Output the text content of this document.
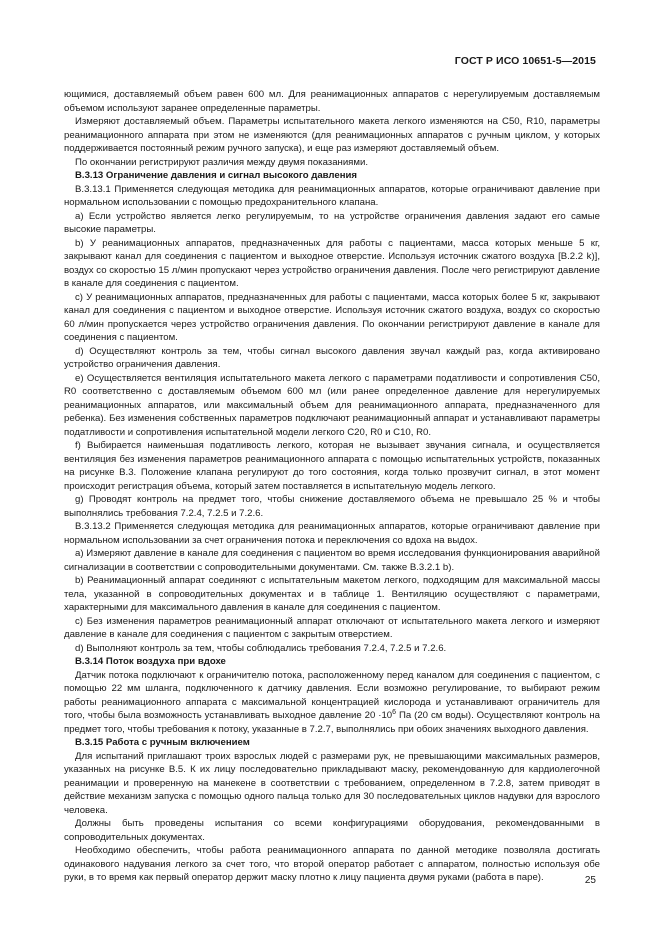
ГОСТ Р ИСО 10651-5—2015

ющимися, доставляемый объем равен 600 мл. Для реанимационных аппаратов с нерегулируемым доставляемым объемом используют заранее определенные параметры.

Измеряют доставляемый объем. Параметры испытательного макета легкого изменяются на С50, R10, параметры реанимационного аппарата при этом не изменяются (для реанимационных аппаратов с ручным циклом, у которых поддерживается постоянный режим ручного запуска), и еще раз измеряют доставляемый объем.

По окончании регистрируют различия между двумя показаниями.

В.3.13 Ограничение давления и сигнал высокого давления

В.3.13.1 Применяется следующая методика для реанимационных аппаратов, которые ограничивают давление при нормальном использовании с помощью предохранительного клапана.

а) Если устройство является легко регулируемым, то на устройстве ограничения давления задают его самые высокие параметры.

b) У реанимационных аппаратов, предназначенных для работы с пациентами, масса которых меньше 5 кг, закрывают канал для соединения с пациентом и выходное отверстие. Используя источник сжатого воздуха [В.2.2 k)], воздух со скоростью 15 л/мин пропускают через устройство ограничения давления. После чего регистрируют давление в канале для соединения с пациентом.

с) У реанимационных аппаратов, предназначенных для работы с пациентами, масса которых более 5 кг, закрывают канал для соединения с пациентом и выходное отверстие. Используя источник сжатого воздуха, воздух со скоростью 60 л/мин пропускается через устройство ограничения давления. По окончании регистрируют давление в канале для соединения с пациентом.

d) Осуществляют контроль за тем, чтобы сигнал высокого давления звучал каждый раз, когда активировано устройство ограничения давления.

е) Осуществляется вентиляция испытательного макета легкого с параметрами податливости и сопротивления С50, R0 соответственно с доставляемым объемом 600 мл (или ранее определенное давление для нерегулируемых реанимационных аппаратов, или максимальный объем для реанимационного аппарата, предназначенного для ребенка). Без изменения собственных параметров подключают реанимационный аппарат и устанавливают параметры податливости и сопротивления испытательной модели легкого С20, R0 и С10, R0.

f) Выбирается наименьшая податливость легкого, которая не вызывает звучания сигнала, и осуществляется вентиляция без изменения параметров реанимационного аппарата с помощью испытательных устройств, показанных на рисунке В.3. Положение клапана регулируют до того состояния, когда только прозвучит сигнал, в этот момент происходит регистрация объема, который затем поставляется в испытательную модель легкого.

g) Проводят контроль на предмет того, чтобы снижение доставляемого объема не превышало 25 % и чтобы выполнялись требования 7.2.4, 7.2.5 и 7.2.6.

В.3.13.2 Применяется следующая методика для реанимационных аппаратов, которые ограничивают давление при нормальном использовании за счет ограничения потока и переключения со вдоха на выдох.

а) Измеряют давление в канале для соединения с пациентом во время исследования функционирования аварийной сигнализации в соответствии с сопроводительными документами. См. также В.3.2.1 b).

b) Реанимационный аппарат соединяют с испытательным макетом легкого, подходящим для максимальной массы тела, указанной в сопроводительных документах и в таблице 1. Вентиляцию осуществляют с параметрами, характерными для максимального давления в канале для соединения с пациентом.

с) Без изменения параметров реанимационный аппарат отключают от испытательного макета легкого и измеряют давление в канале для соединения с пациентом с закрытым отверстием.

d) Выполняют контроль за тем, чтобы соблюдались требования 7.2.4, 7.2.5 и 7.2.6.

В.3.14 Поток воздуха при вдохе

Датчик потока подключают к ограничителю потока, расположенному перед каналом для соединения с пациентом, с помощью 22 мм шланга, подключенного к датчику давления. Если возможно регулирование, то выбирают режим работы реанимационного аппарата с максимальной концентрацией кислорода и устанавливают ограничитель для того, чтобы была возможность устанавливать выходное давление $20 \cdot 10^6$ Па (20 см воды). Осуществляют контроль на предмет того, чтобы требования к потоку, указанные в 7.2.7, выполнялись при обоих значениях выходного давления.

В.3.15 Работа с ручным включением

Для испытаний приглашают троих взрослых людей с размерами рук, не превышающими максимальных размеров, указанных на рисунке В.5. К их лицу последовательно прикладывают маску, рекомендованную для кардиолегочной реанимации и проверенную на манекене в соответствии с требованием, определенном в 7.2.8, затем приводят в действие механизм запуска с помощью одного пальца только для 30 последовательных циклов надувки для взрослого человека.

Должны быть проведены испытания со всеми конфигурациями оборудования, рекомендованными в сопроводительных документах.

Необходимо обеспечить, чтобы работа реанимационного аппарата по данной методике позволяла достигать одинакового надувания легкого за счет того, что второй оператор работает с аппаратом, полностью используя обе руки, в то время как первый оператор держит маску плотно к лицу пациента двумя руками (работа в паре).	25
